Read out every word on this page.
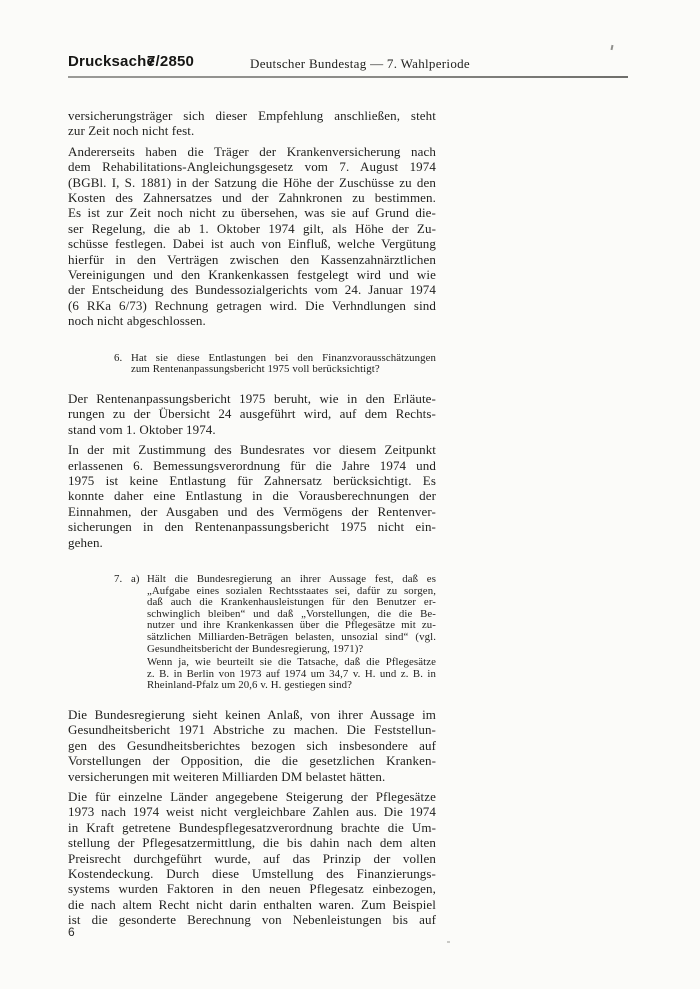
Drucksache
7/2850	Deutscher Bundestag — 7. Wahlperiode
versicherungsträger sich dieser Empfehlung anschließen, steht
zur Zeit noch nicht fest.
Andererseits haben die Träger der Krankenversicherung nach
dem Rehabilitations-Angleichungsgesetz vom 7. August 1974
(BGBl. I, S. 1881) in der Satzung die Höhe der Zuschüsse zu den
Kosten des Zahnersatzes und der Zahnkronen zu bestimmen.
Es ist zur Zeit noch nicht zu übersehen, was sie auf Grund die-
ser Regelung, die ab 1. Oktober 1974 gilt, als Höhe der Zu-
schüsse festlegen. Dabei ist auch von Einfluß, welche Vergütung
hierfür in den Verträgen zwischen den Kassenzahnärztlichen
Vereinigungen und den Krankenkassen festgelegt wird und wie
der Entscheidung des Bundessozialgerichts vom 24. Januar 1974
(6 RKa 6/73) Rechnung getragen wird. Die Verhndlungen sind
noch nicht abgeschlossen.
6. Hat sie diese Entlastungen bei den Finanzvorausschätzungen
zum Rentenanpassungsbericht 1975 voll berücksichtigt?
Der Rentenanpassungsbericht 1975 beruht, wie in den Erläute-
rungen zu der Übersicht 24 ausgeführt wird, auf dem Rechts-
stand vom 1. Oktober 1974.
In der mit Zustimmung des Bundesrates vor diesem Zeitpunkt
erlassenen 6. Bemessungsverordnung für die Jahre 1974 und
1975 ist keine Entlastung für Zahnersatz berücksichtigt. Es
konnte daher eine Entlastung in die Vorausberechnungen der
Einnahmen, der Ausgaben und des Vermögens der Rentenver-
sicherungen in den Rentenanpassungsbericht 1975 nicht ein-
gehen.
7. a) Hält die Bundesregierung an ihrer Aussage fest, daß es
„Aufgabe eines sozialen Rechtsstaates sei, dafür zu sorgen,
daß auch die Krankenhausleistungen für den Benutzer er-
schwinglich bleiben“ und daß „Vorstellungen, die die Be-
nutzer und ihre Krankenkassen über die Pflegesätze mit zu-
sätzlichen Milliarden-Beträgen belasten, unsozial sind“ (vgl.
Gesundheitsbericht der Bundesregierung, 1971)?
Wenn ja, wie beurteilt sie die Tatsache, daß die Pflegesätze
z. B. in Berlin von 1973 auf 1974 um 34,7 v. H. und z. B. in
Rheinland-Pfalz um 20,6 v. H. gestiegen sind?
Die Bundesregierung sieht keinen Anlaß, von ihrer Aussage im
Gesundheitsbericht 1971 Abstriche zu machen. Die Feststellun-
gen des Gesundheitsberichtes bezogen sich insbesondere auf
Vorstellungen der Opposition, die die gesetzlichen Kranken-
versicherungen mit weiteren Milliarden DM belastet hätten.
Die für einzelne Länder angegebene Steigerung der Pflegesätze
1973 nach 1974 weist nicht vergleichbare Zahlen aus. Die 1974
in Kraft getretene Bundespflegesatzverordnung brachte die Um-
stellung der Pflegesatzermittlung, die bis dahin nach dem alten
Preisrecht durchgeführt wurde, auf das Prinzip der vollen
Kostendeckung. Durch diese Umstellung des Finanzierungs-
systems wurden Faktoren in den neuen Pflegesatz einbezogen,
die nach altem Recht nicht darin enthalten waren. Zum Beispiel
ist die gesonderte Berechnung von Nebenleistungen bis auf
6
